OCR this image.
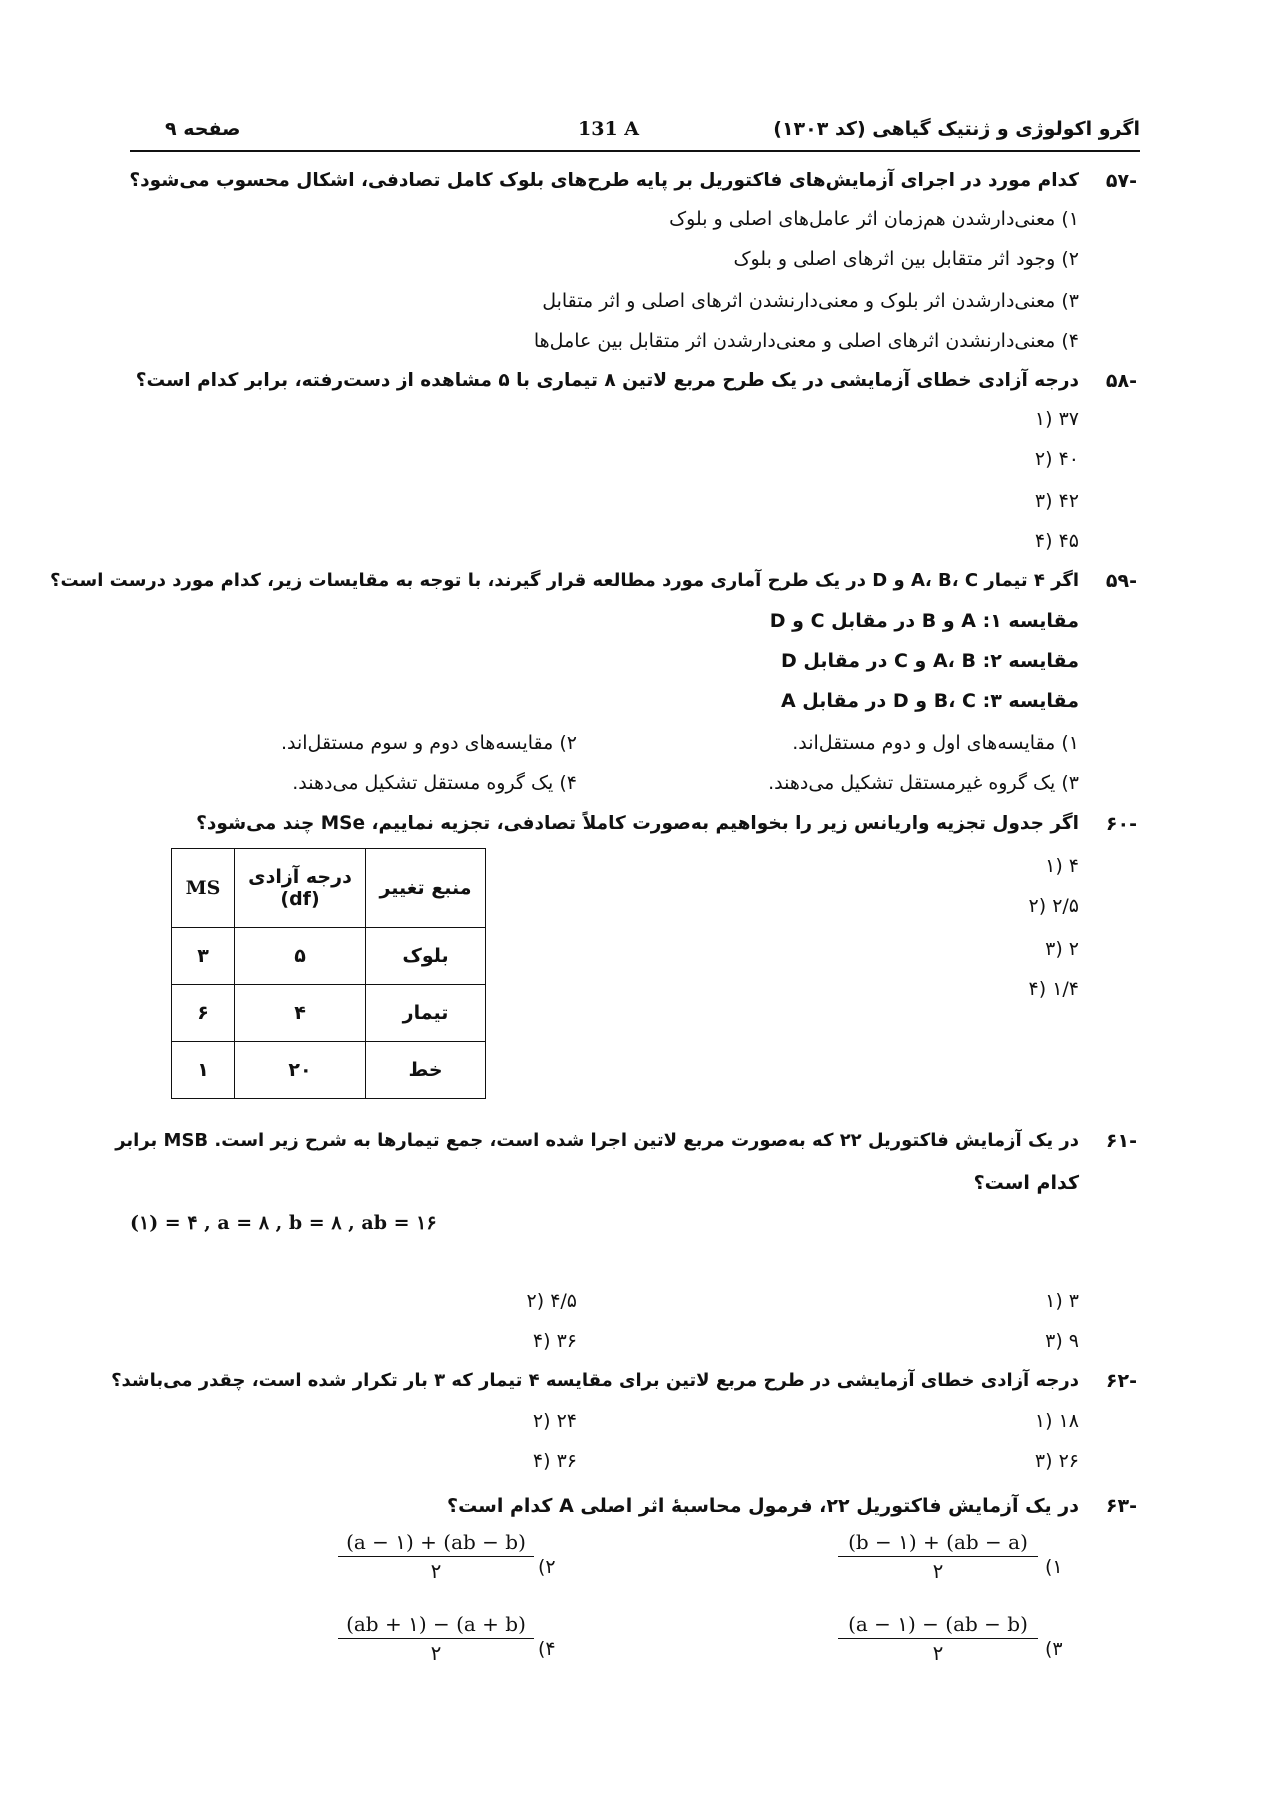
اگرو اکولوژی و ژنتیک گیاهی (کد ۱۳۰۳)
131 A
صفحه ۹
۵۷-
کدام مورد در اجرای آزمایش‌های فاکتوریل بر پایه طرح‌های بلوک کامل تصادفی، اشکال محسوب می‌شود؟
۱) معنی‌دارشدن هم‌زمان اثر عامل‌های اصلی و بلوک
۲) وجود اثر متقابل بین اثرهای اصلی و بلوک
۳) معنی‌دارشدن اثر بلوک و معنی‌دارنشدن اثرهای اصلی و اثر متقابل
۴) معنی‌دارنشدن اثرهای اصلی و معنی‌دارشدن اثر متقابل بین عامل‌ها
۵۸-
درجه آزادی خطای آزمایشی در یک طرح مربع لاتین ۸ تیماری با ۵ مشاهده از دست‌رفته، برابر کدام است؟
۱) ۳۷
۲) ۴۰
۳) ۴۲
۴) ۴۵
۵۹-
اگر ۴ تیمار A، B، C و D در یک طرح آماری مورد مطالعه قرار گیرند، با توجه به مقایسات زیر، کدام مورد درست است؟
مقایسه ۱: A و B در مقابل C و D
مقایسه ۲: A، B و C در مقابل D
مقایسه ۳: B، C و D در مقابل A
۱) مقایسه‌های اول و دوم مستقل‌اند.
۲) مقایسه‌های دوم و سوم مستقل‌اند.
۳) یک گروه غیرمستقل تشکیل می‌دهند.
۴) یک گروه مستقل تشکیل می‌دهند.
۶۰-
اگر جدول تجزیه واریانس زیر را بخواهیم به‌صورت کاملاً تصادفی، تجزیه نماییم، MSe چند می‌شود؟
۱) ۴
۲) ۲/۵
۳) ۲
۴) ۱/۴
منبع تغییر	درجه آزادی (df)	MS
بلوک	۵	۳
تیمار	۴	۶
خط	۲۰	۱
۶۱-
در یک آزمایش فاکتوریل ۲۲ که به‌صورت مربع لاتین اجرا شده است، جمع تیمارها به شرح زیر است. MSB برابر
کدام است؟
(۱) = ۴ , a = ۸ , b = ۸ , ab = ۱۶
۱) ۳
۲) ۴/۵
۳) ۹
۴) ۳۶
۶۲-
درجه آزادی خطای آزمایشی در طرح مربع لاتین برای مقایسه ۴ تیمار که ۳ بار تکرار شده است، چقدر می‌باشد؟
۱) ۱۸
۲) ۲۴
۳) ۲۶
۴) ۳۶
۶۳-
در یک آزمایش فاکتوریل ۲۲، فرمول محاسبهٔ اثر اصلی A کدام است؟
(۱
(b − ۱) + (ab − a)
۲
(۲
(a − ۱) + (ab − b)
۲
(۳
(a − ۱) − (ab − b)
۲
(۴
(ab + ۱) − (a + b)
۲
